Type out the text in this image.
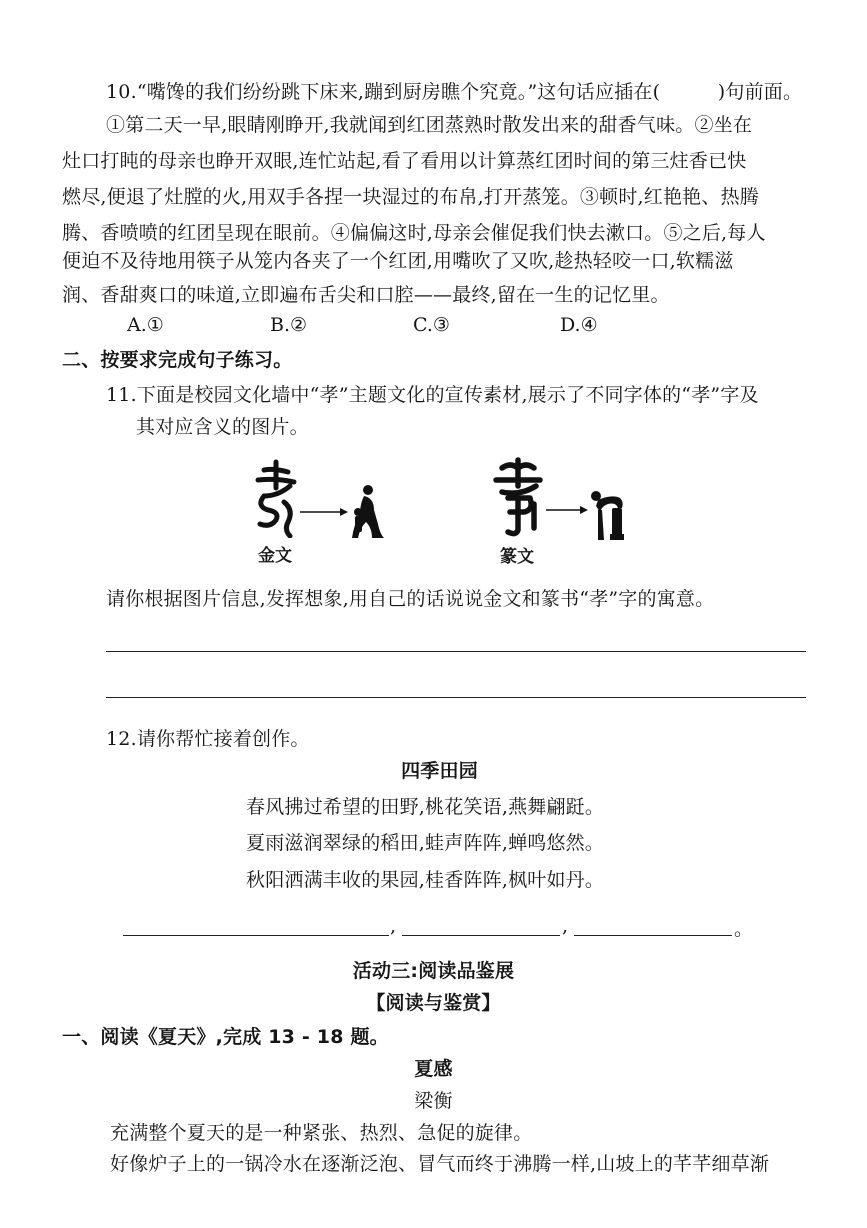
10.“嘴馋的我们纷纷跳下床来,蹦到厨房瞧个究竟。”这句话应插在(　　　)句前面。
①第二天一早,眼睛刚睁开,我就闻到红团蒸熟时散发出来的甜香气味。②坐在
灶口打盹的母亲也睁开双眼,连忙站起,看了看用以计算蒸红团时间的第三炷香已快
燃尽,便退了灶膛的火,用双手各捏一块湿过的布帛,打开蒸笼。③顿时,红艳艳、热腾
腾、香喷喷的红团呈现在眼前。④偏偏这时,母亲会催促我们快去漱口。⑤之后,每人
便迫不及待地用筷子从笼内各夹了一个红团,用嘴吹了又吹,趁热轻咬一口,软糯滋
润、香甜爽口的味道,立即遍布舌尖和口腔——最终,留在一生的记忆里。
A.①	B.②	C.③	D.④
二、按要求完成句子练习。
11.下面是校园文化墙中“孝”主题文化的宣传素材,展示了不同字体的“孝”字及
其对应含义的图片。
金文	篆文
请你根据图片信息,发挥想象,用自己的话说说金文和篆书“孝”字的寓意。
12.请你帮忙接着创作。
四季田园
春风拂过希望的田野,桃花笑语,燕舞翩跹。
夏雨滋润翠绿的稻田,蛙声阵阵,蝉鸣悠然。
秋阳洒满丰收的果园,桂香阵阵,枫叶如丹。
,	,	。
活动三:阅读品鉴展
【阅读与鉴赏】
一、阅读《夏天》,完成 13 - 18 题。
夏感
梁衡
充满整个夏天的是一种紧张、热烈、急促的旋律。
好像炉子上的一锅冷水在逐渐泛泡、冒气而终于沸腾一样,山坡上的芊芊细草渐
